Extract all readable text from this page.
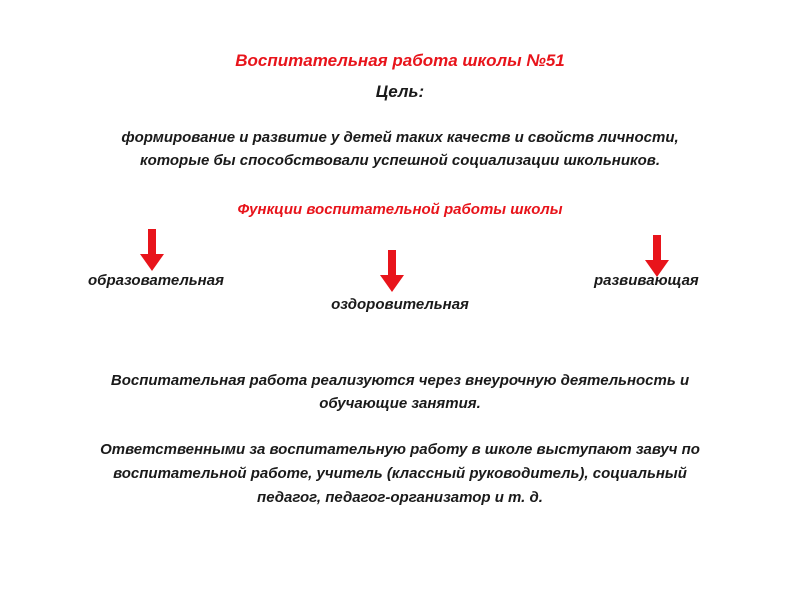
Воспитательная работа школы №51
Цель:
формирование и развитие у детей таких качеств и свойств личности,
которые бы способствовали успешной социализации школьников.
Функции воспитательной работы школы
образовательная
оздоровительная
развивающая
Воспитательная работа реализуются через внеурочную деятельность и
обучающие занятия.
Ответственными за воспитательную работу в школе выступают завуч по
воспитательной работе, учитель (классный руководитель), социальный
педагог, педагог-организатор и т. д.
